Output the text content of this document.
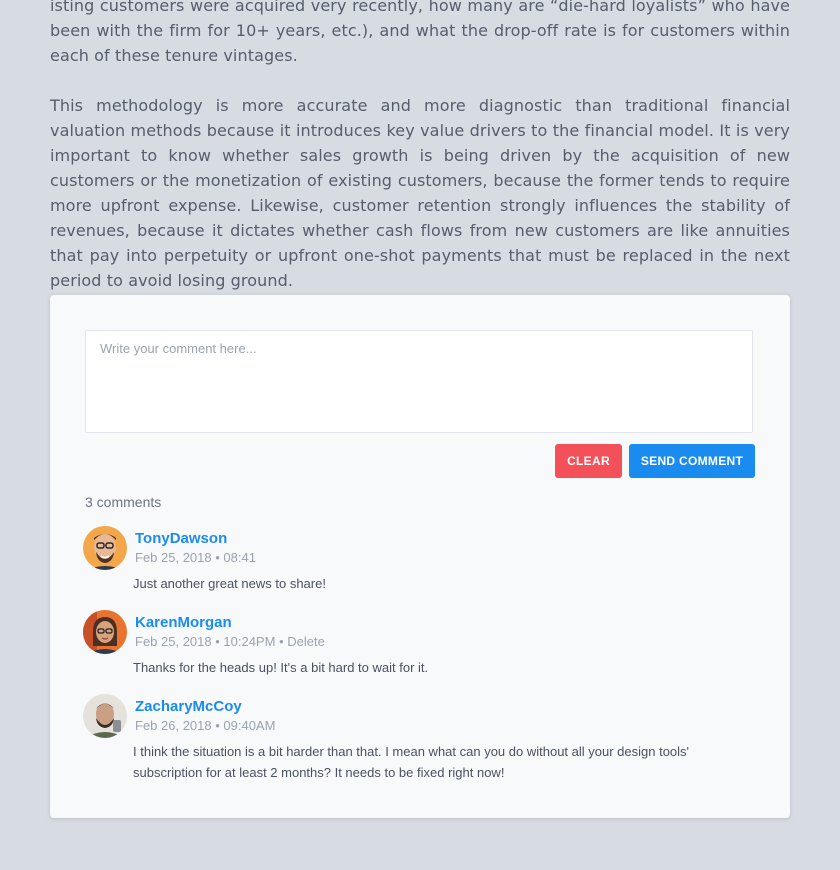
isting customers were acquired very recently, how many are “die-hard loyalists” who have been with the firm for 10+ years, etc.), and what the drop-off rate is for customers within each of these tenure vintages.

This methodology is more accurate and more diagnostic than traditional financial valuation methods because it introduces key value drivers to the financial model. It is very important to know whether sales growth is being driven by the acquisition of new customers or the monetization of existing customers, because the former tends to require more upfront expense. Likewise, customer retention strongly influences the stability of revenues, because it dictates whether cash flows from new customers are like annuities that pay into perpetuity or upfront one-shot payments that must be replaced in the next period to avoid losing ground.

Write your comment here...
CLEAR	SEND COMMENT
3 comments
TonyDawson
Feb 25, 2018 • 08:41
Just another great news to share!
KarenMorgan
Feb 25, 2018 • 10:24PM • Delete
Thanks for the heads up! It's a bit hard to wait for it.
ZacharyMcCoy
Feb 26, 2018 • 09:40AM
I think the situation is a bit harder than that. I mean what can you do without all your design tools' subscription for at least 2 months? It needs to be fixed right now!
